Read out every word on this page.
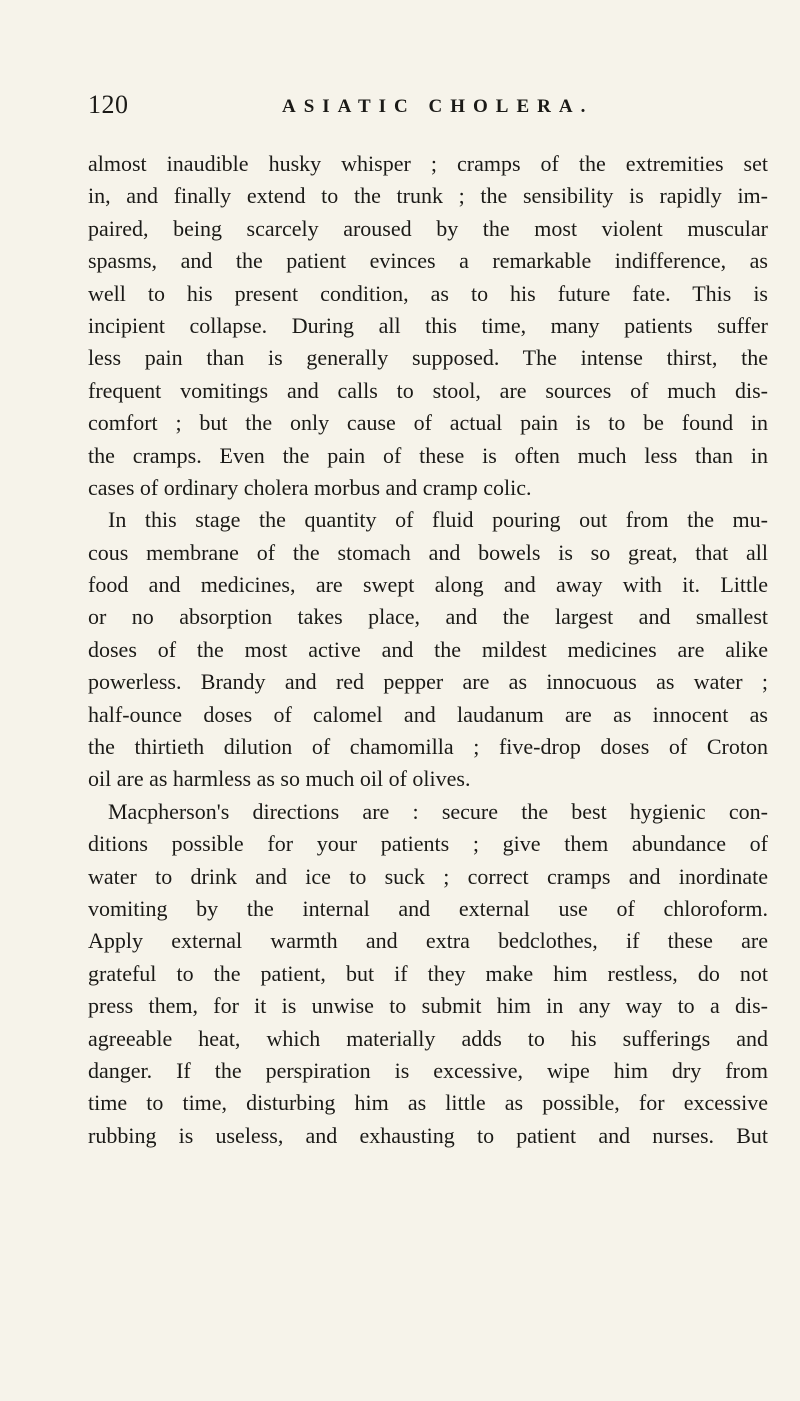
120	ASIATIC CHOLERA.
almost inaudible husky whisper ; cramps of the extremities set
in, and finally extend to the trunk ; the sensibility is rapidly im-
paired, being scarcely aroused by the most violent muscular
spasms, and the patient evinces a remarkable indifference, as
well to his present condition, as to his future fate. This is
incipient collapse. During all this time, many patients suffer
less pain than is generally supposed. The intense thirst, the
frequent vomitings and calls to stool, are sources of much dis-
comfort ; but the only cause of actual pain is to be found in
the cramps. Even the pain of these is often much less than in
cases of ordinary cholera morbus and cramp colic.
In this stage the quantity of fluid pouring out from the mu-
cous membrane of the stomach and bowels is so great, that all
food and medicines, are swept along and away with it. Little
or no absorption takes place, and the largest and smallest
doses of the most active and the mildest medicines are alike
powerless. Brandy and red pepper are as innocuous as water ;
half-ounce doses of calomel and laudanum are as innocent as
the thirtieth dilution of chamomilla ; five-drop doses of Croton
oil are as harmless as so much oil of olives.
Macpherson's directions are : secure the best hygienic con-
ditions possible for your patients ; give them abundance of
water to drink and ice to suck ; correct cramps and inordinate
vomiting by the internal and external use of chloroform.
Apply external warmth and extra bedclothes, if these are
grateful to the patient, but if they make him restless, do not
press them, for it is unwise to submit him in any way to a dis-
agreeable heat, which materially adds to his sufferings and
danger. If the perspiration is excessive, wipe him dry from
time to time, disturbing him as little as possible, for excessive
rubbing is useless, and exhausting to patient and nurses. But
